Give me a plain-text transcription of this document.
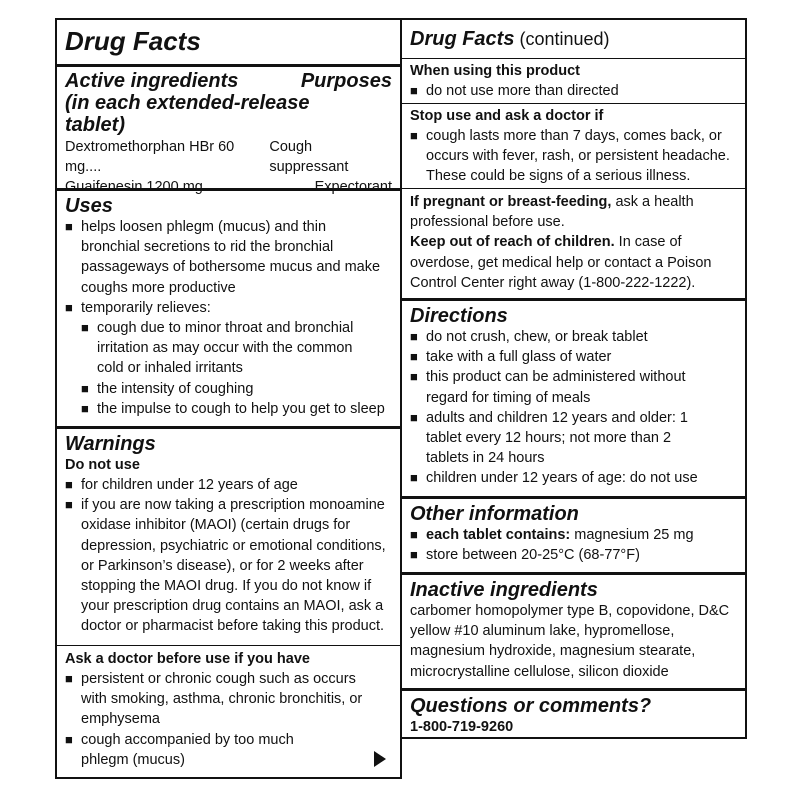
Drug Facts
Active ingredients
(in each extended-release
tablet)
Purposes
Dextromethorphan HBr 60 mg....
Cough suppressant
Guaifenesin 1200 mg.......................... Expectorant
Uses
■ helps loosen phlegm (mucus) and thin bronchial secretions to rid the bronchial passageways of bothersome mucus and make coughs more productive
■ temporarily relieves:
■ cough due to minor throat and bronchial irritation as may occur with the common cold or inhaled irritants
■ the intensity of coughing
■ the impulse to cough to help you get to sleep
Warnings
Do not use
■ for children under 12 years of age
■ if you are now taking a prescription monoamine oxidase inhibitor (MAOI) (certain drugs for depression, psychiatric or emotional conditions, or Parkinson’s disease), or for 2 weeks after stopping the MAOI drug. If you do not know if your prescription drug contains an MAOI, ask a doctor or pharmacist before taking this product.
Ask a doctor before use if you have
■ persistent or chronic cough such as occurs with smoking, asthma, chronic bronchitis, or emphysema
■ cough accompanied by too much phlegm (mucus)
Drug Facts (continued)
When using this product
■ do not use more than directed
Stop use and ask a doctor if
■ cough lasts more than 7 days, comes back, or occurs with fever, rash, or persistent headache. These could be signs of a serious illness.
If pregnant or breast-feeding, ask a health professional before use.
Keep out of reach of children. In case of overdose, get medical help or contact a Poison Control Center right away (1-800-222-1222).
Directions
■ do not crush, chew, or break tablet
■ take with a full glass of water
■ this product can be administered without regard for timing of meals
■ adults and children 12 years and older: 1 tablet every 12 hours; not more than 2 tablets in 24 hours
■ children under 12 years of age: do not use
Other information
■ each tablet contains: magnesium 25 mg
■ store between 20-25°C (68-77°F)
Inactive ingredients
carbomer homopolymer type B, copovidone, D&C yellow #10 aluminum lake, hypromellose, magnesium hydroxide, magnesium stearate, microcrystalline cellulose, silicon dioxide
Questions or comments?
1-800-719-9260
